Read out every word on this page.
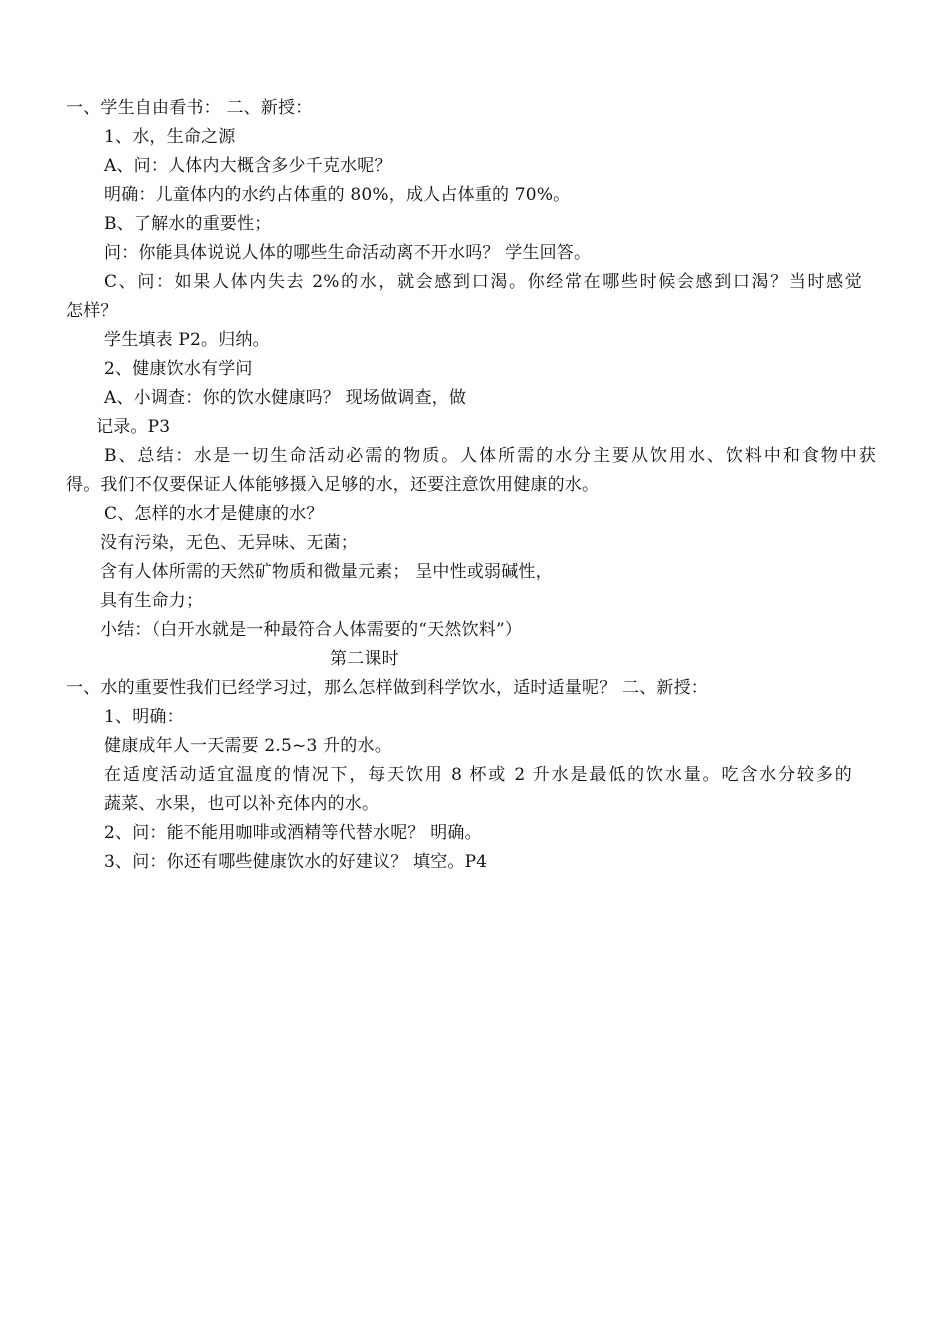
一、学生自由看书： 二、新授：
1、水，生命之源
A、问：人体内大概含多少千克水呢？
明确：儿童体内的水约占体重的 80%，成人占体重的 70%。
B、了解水的重要性；
问：你能具体说说人体的哪些生命活动离不开水吗？ 学生回答。
C、问：如果人体内失去 2%的水，就会感到口渴。你经常在哪些时候会感到口渴？当时感觉
怎样？
学生填表 P2。归纳。
2、健康饮水有学问
A、小调查：你的饮水健康吗？ 现场做调查，做
记录。P3
B、总结：水是一切生命活动必需的物质。人体所需的水分主要从饮用水、饮料中和食物中获
得。我们不仅要保证人体能够摄入足够的水，还要注意饮用健康的水。
C、怎样的水才是健康的水？
没有污染，无色、无异味、无菌；
含有人体所需的天然矿物质和微量元素； 呈中性或弱碱性，
具有生命力；
小结：（白开水就是一种最符合人体需要的“天然饮料”）
第二课时
一、水的重要性我们已经学习过，那么怎样做到科学饮水，适时适量呢？ 二、新授：
1、明确：
健康成年人一天需要 2.5~3 升的水。
在适度活动适宜温度的情况下，每天饮用 8 杯或 2 升水是最低的饮水量。吃含水分较多的
蔬菜、水果，也可以补充体内的水。
2、问：能不能用咖啡或酒精等代替水呢？ 明确。
3、问：你还有哪些健康饮水的好建议？ 填空。P4
